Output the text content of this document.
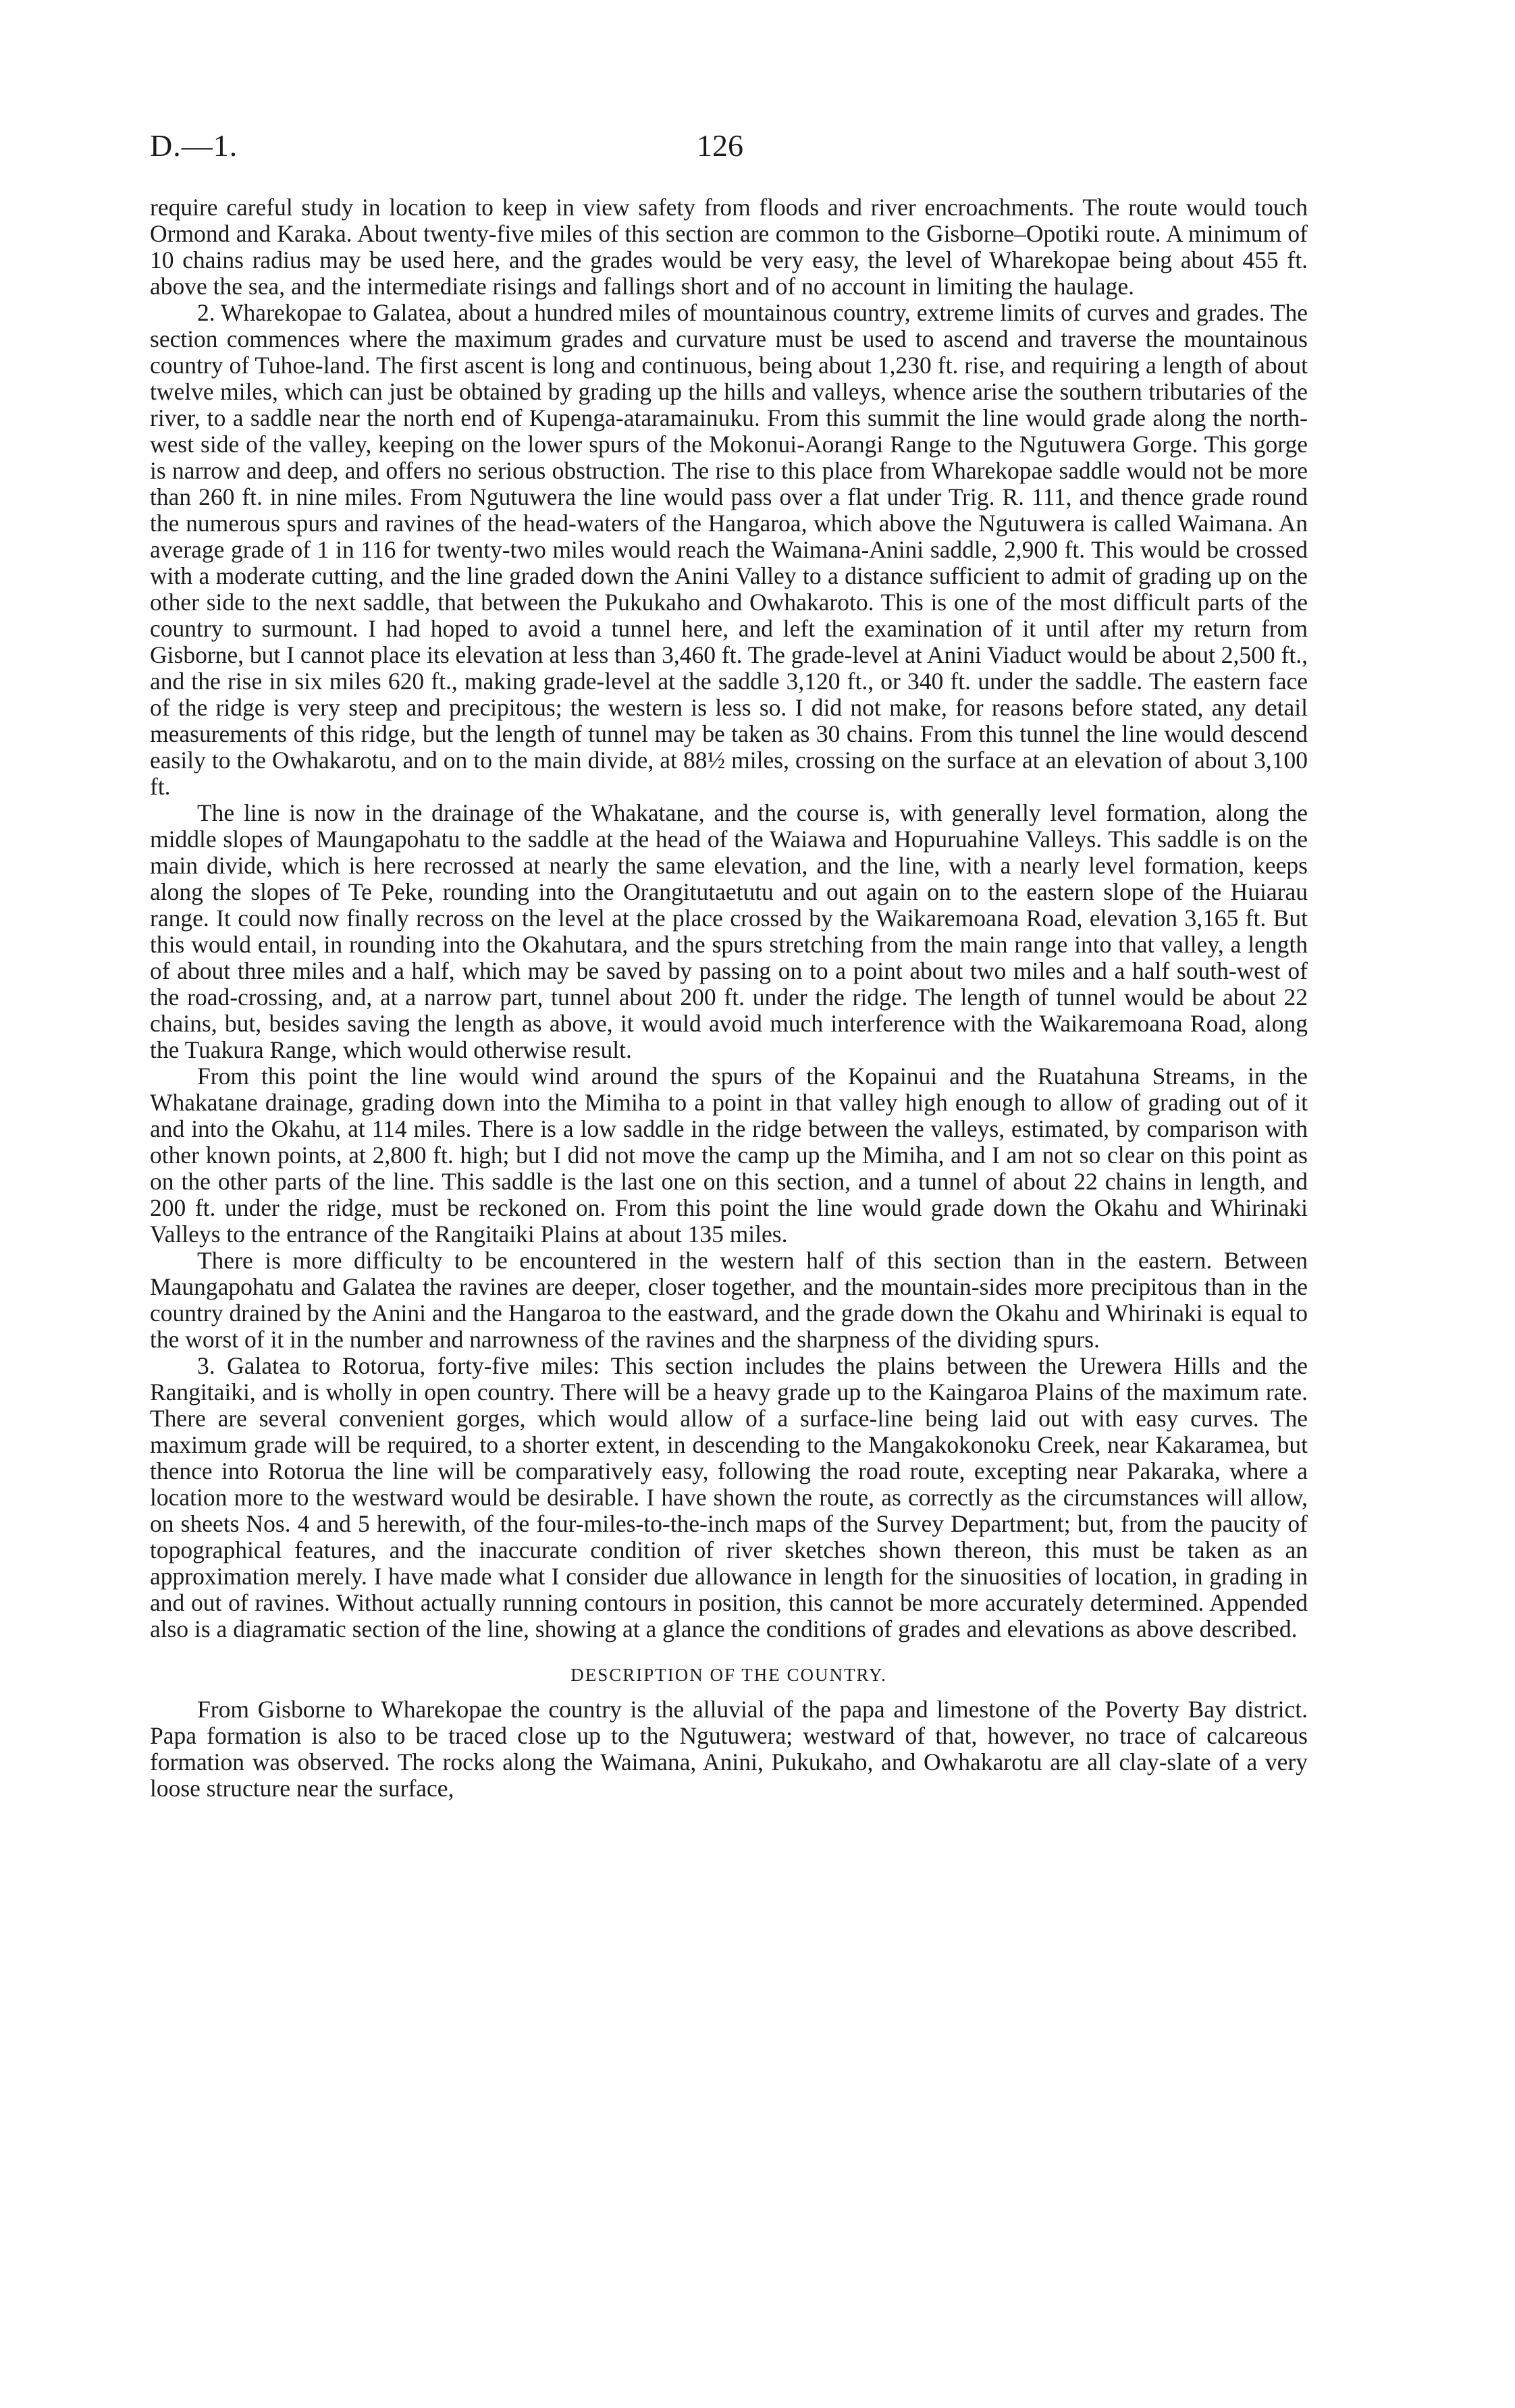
D.—1.	126

require careful study in location to keep in view safety from floods and river encroachments. The route would touch Ormond and Karaka. About twenty-five miles of this section are common to the Gisborne–Opotiki route. A minimum of 10 chains radius may be used here, and the grades would be very easy, the level of Wharekopae being about 455 ft. above the sea, and the intermediate risings and fallings short and of no account in limiting the haulage.

2. Wharekopae to Galatea, about a hundred miles of mountainous country, extreme limits of curves and grades. The section commences where the maximum grades and curvature must be used to ascend and traverse the mountainous country of Tuhoe-land. The first ascent is long and continuous, being about 1,230 ft. rise, and requiring a length of about twelve miles, which can just be obtained by grading up the hills and valleys, whence arise the southern tributaries of the river, to a saddle near the north end of Kupenga-ataramainuku. From this summit the line would grade along the north-west side of the valley, keeping on the lower spurs of the Mokonui-Aorangi Range to the Ngutuwera Gorge. This gorge is narrow and deep, and offers no serious obstruction. The rise to this place from Wharekopae saddle would not be more than 260 ft. in nine miles. From Ngutuwera the line would pass over a flat under Trig. R. 111, and thence grade round the numerous spurs and ravines of the head-waters of the Hangaroa, which above the Ngutuwera is called Waimana. An average grade of 1 in 116 for twenty-two miles would reach the Waimana-Anini saddle, 2,900 ft. This would be crossed with a moderate cutting, and the line graded down the Anini Valley to a distance sufficient to admit of grading up on the other side to the next saddle, that between the Pukukaho and Owhakaroto. This is one of the most difficult parts of the country to surmount. I had hoped to avoid a tunnel here, and left the examination of it until after my return from Gisborne, but I cannot place its elevation at less than 3,460 ft. The grade-level at Anini Viaduct would be about 2,500 ft., and the rise in six miles 620 ft., making grade-level at the saddle 3,120 ft., or 340 ft. under the saddle. The eastern face of the ridge is very steep and precipitous; the western is less so. I did not make, for reasons before stated, any detail measurements of this ridge, but the length of tunnel may be taken as 30 chains. From this tunnel the line would descend easily to the Owhakarotu, and on to the main divide, at 88½ miles, crossing on the surface at an elevation of about 3,100 ft.

The line is now in the drainage of the Whakatane, and the course is, with generally level formation, along the middle slopes of Maungapohatu to the saddle at the head of the Waiawa and Hopuruahine Valleys. This saddle is on the main divide, which is here recrossed at nearly the same elevation, and the line, with a nearly level formation, keeps along the slopes of Te Peke, rounding into the Orangitutaetutu and out again on to the eastern slope of the Huiarau range. It could now finally recross on the level at the place crossed by the Waikaremoana Road, elevation 3,165 ft. But this would entail, in rounding into the Okahutara, and the spurs stretching from the main range into that valley, a length of about three miles and a half, which may be saved by passing on to a point about two miles and a half south-west of the road-crossing, and, at a narrow part, tunnel about 200 ft. under the ridge. The length of tunnel would be about 22 chains, but, besides saving the length as above, it would avoid much interference with the Waikaremoana Road, along the Tuakura Range, which would otherwise result.

From this point the line would wind around the spurs of the Kopainui and the Ruatahuna Streams, in the Whakatane drainage, grading down into the Mimiha to a point in that valley high enough to allow of grading out of it and into the Okahu, at 114 miles. There is a low saddle in the ridge between the valleys, estimated, by comparison with other known points, at 2,800 ft. high; but I did not move the camp up the Mimiha, and I am not so clear on this point as on the other parts of the line. This saddle is the last one on this section, and a tunnel of about 22 chains in length, and 200 ft. under the ridge, must be reckoned on. From this point the line would grade down the Okahu and Whirinaki Valleys to the entrance of the Rangitaiki Plains at about 135 miles.

There is more difficulty to be encountered in the western half of this section than in the eastern. Between Maungapohatu and Galatea the ravines are deeper, closer together, and the mountain-sides more precipitous than in the country drained by the Anini and the Hangaroa to the eastward, and the grade down the Okahu and Whirinaki is equal to the worst of it in the number and narrowness of the ravines and the sharpness of the dividing spurs.

3. Galatea to Rotorua, forty-five miles: This section includes the plains between the Urewera Hills and the Rangitaiki, and is wholly in open country. There will be a heavy grade up to the Kaingaroa Plains of the maximum rate. There are several convenient gorges, which would allow of a surface-line being laid out with easy curves. The maximum grade will be required, to a shorter extent, in descending to the Mangakokonoku Creek, near Kakaramea, but thence into Rotorua the line will be comparatively easy, following the road route, excepting near Pakaraka, where a location more to the westward would be desirable. I have shown the route, as correctly as the circumstances will allow, on sheets Nos. 4 and 5 herewith, of the four-miles-to-the-inch maps of the Survey Department; but, from the paucity of topographical features, and the inaccurate condition of river sketches shown thereon, this must be taken as an approximation merely. I have made what I consider due allowance in length for the sinuosities of location, in grading in and out of ravines. Without actually running contours in position, this cannot be more accurately determined. Appended also is a diagramatic section of the line, showing at a glance the conditions of grades and elevations as above described.

DESCRIPTION OF THE COUNTRY.

From Gisborne to Wharekopae the country is the alluvial of the papa and limestone of the Poverty Bay district. Papa formation is also to be traced close up to the Ngutuwera; westward of that, however, no trace of calcareous formation was observed. The rocks along the Waimana, Anini, Pukukaho, and Owhakarotu are all clay-slate of a very loose structure near the surface,
